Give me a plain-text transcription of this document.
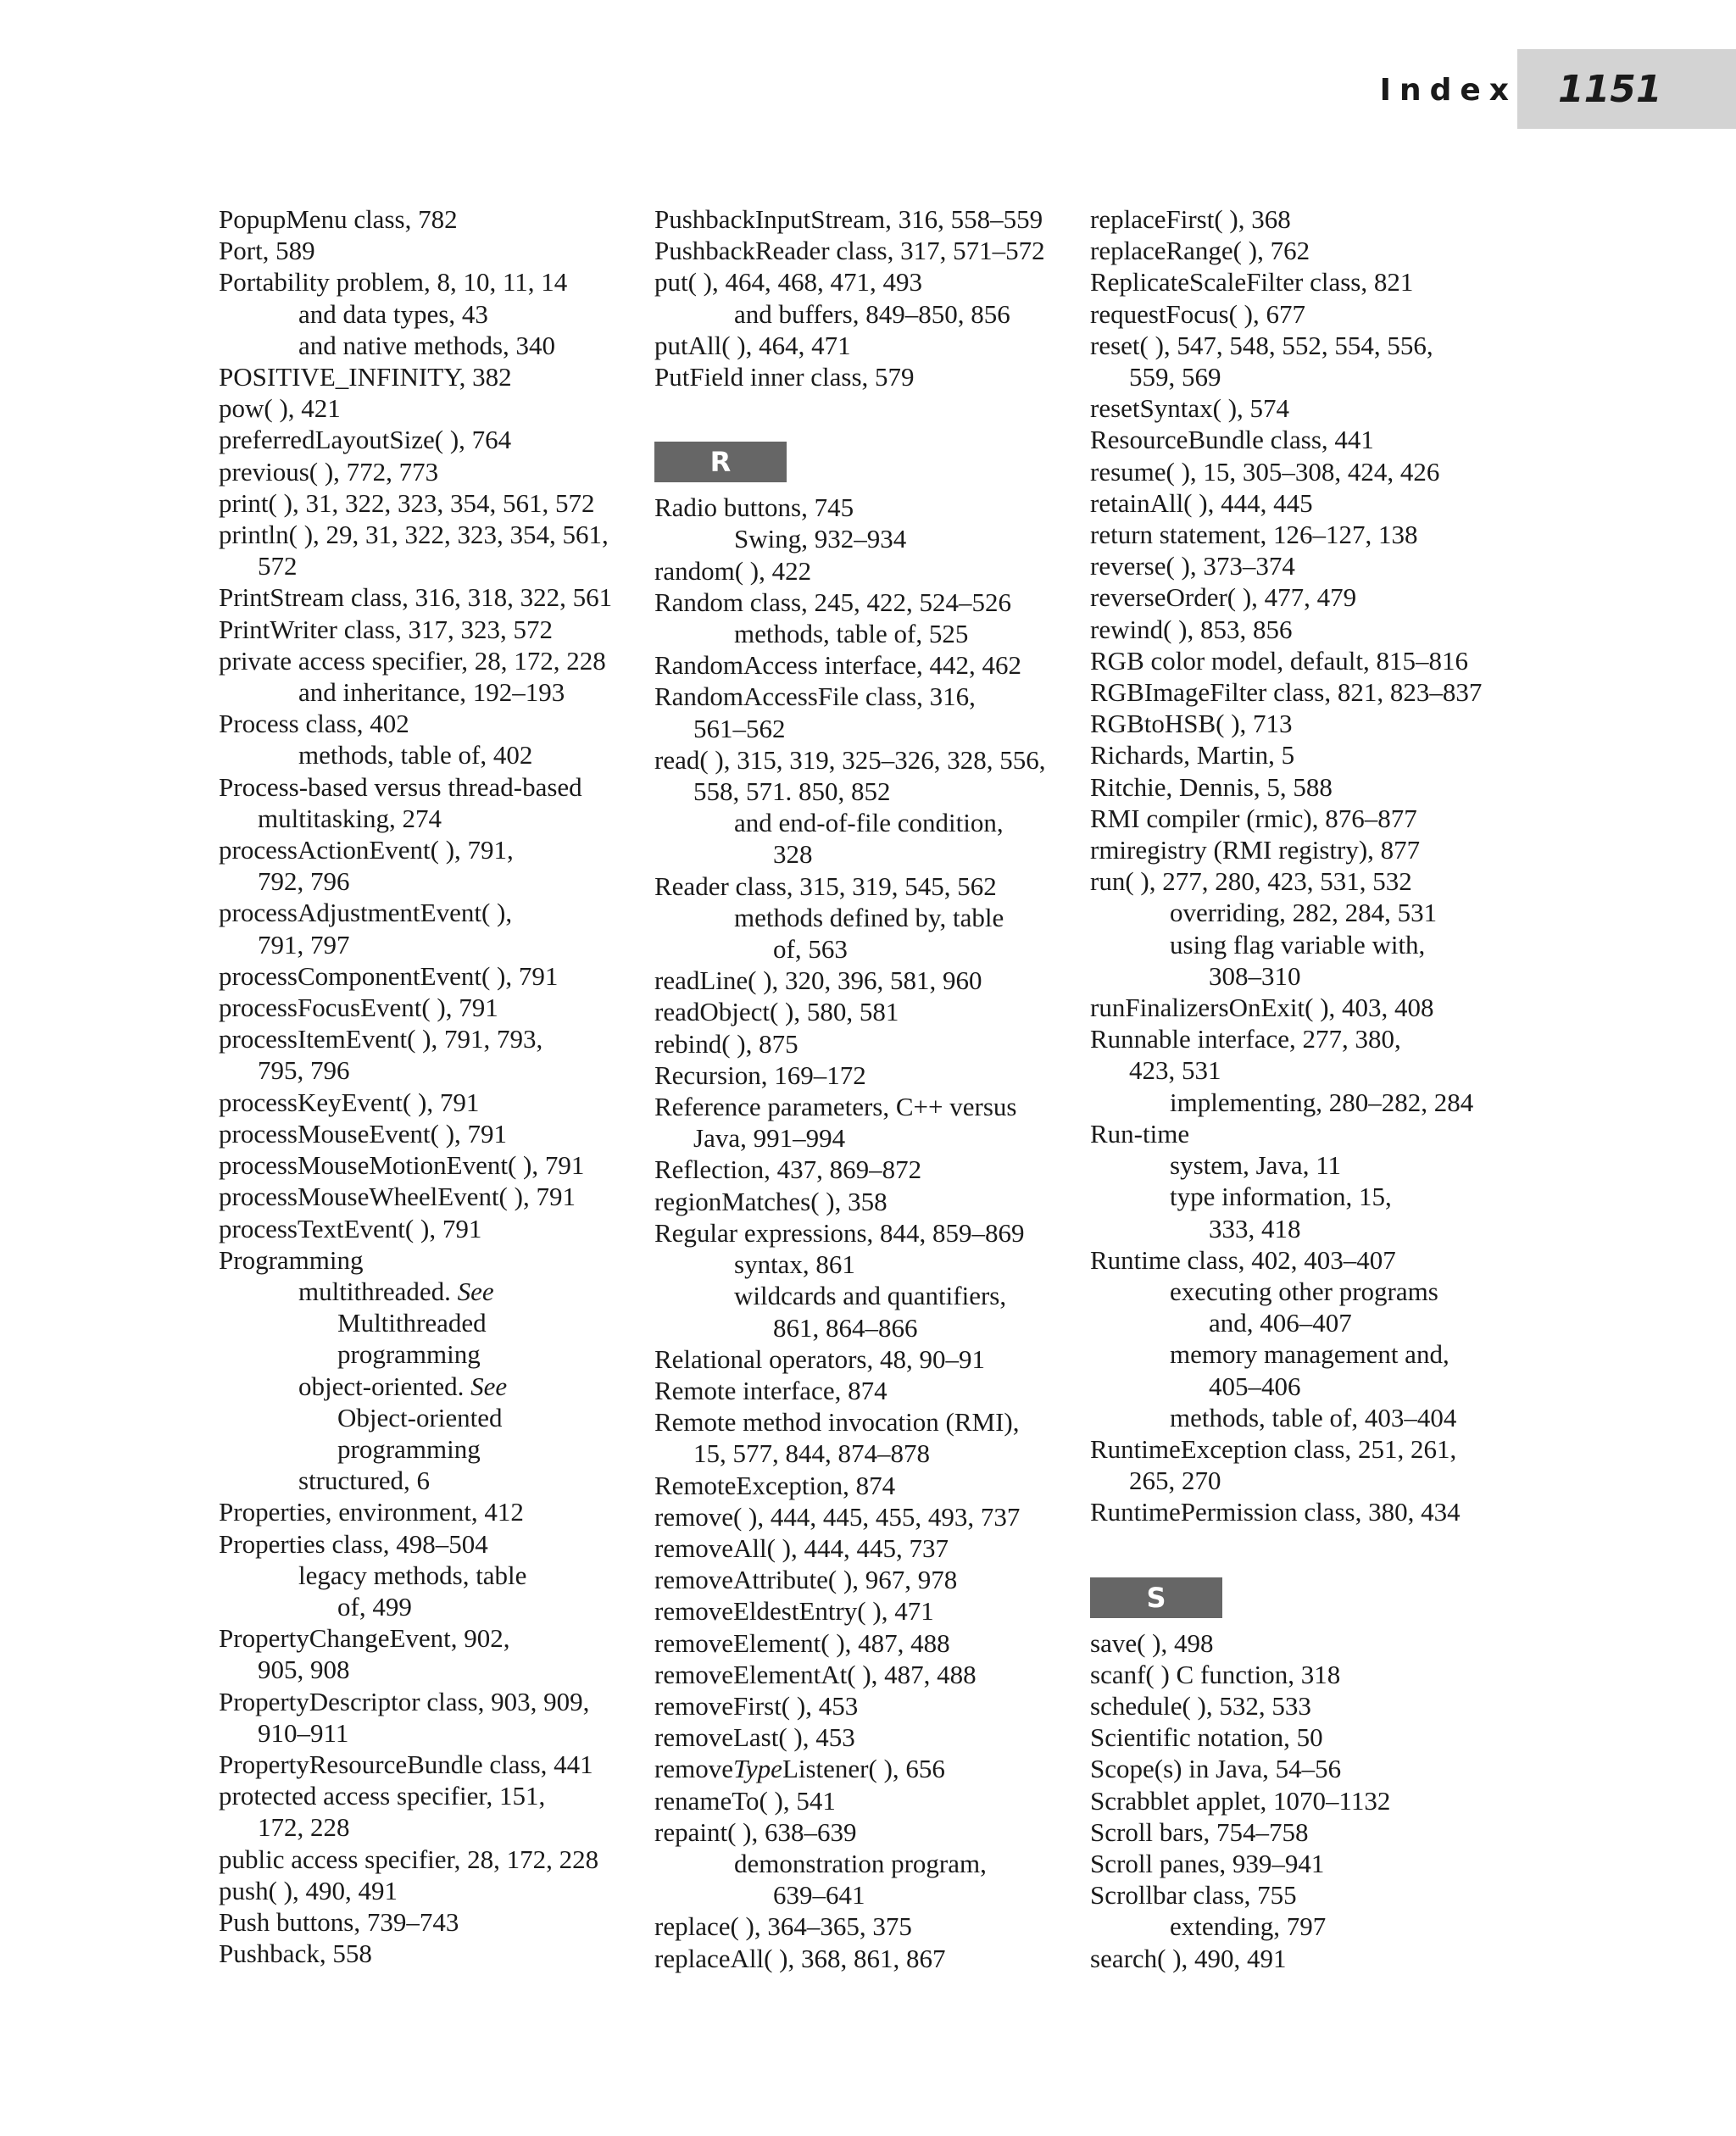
Index 1151
PopupMenu class, 782
Port, 589
Portability problem, 8, 10, 11, 14
and data types, 43
and native methods, 340
POSITIVE_INFINITY, 382
pow( ), 421
preferredLayoutSize( ), 764
previous( ), 772, 773
print( ), 31, 322, 323, 354, 561, 572
println( ), 29, 31, 322, 323, 354, 561,
572
PrintStream class, 316, 318, 322, 561
PrintWriter class, 317, 323, 572
private access specifier, 28, 172, 228
and inheritance, 192–193
Process class, 402
methods, table of, 402
Process-based versus thread-based
multitasking, 274
processActionEvent( ), 791,
792, 796
processAdjustmentEvent( ),
791, 797
processComponentEvent( ), 791
processFocusEvent( ), 791
processItemEvent( ), 791, 793,
795, 796
processKeyEvent( ), 791
processMouseEvent( ), 791
processMouseMotionEvent( ), 791
processMouseWheelEvent( ), 791
processTextEvent( ), 791
Programming
multithreaded. See
Multithreaded
programming
object-oriented. See
Object-oriented
programming
structured, 6
Properties, environment, 412
Properties class, 498–504
legacy methods, table
of, 499
PropertyChangeEvent, 902,
905, 908
PropertyDescriptor class, 903, 909,
910–911
PropertyResourceBundle class, 441
protected access specifier, 151,
172, 228
public access specifier, 28, 172, 228
push( ), 490, 491
Push buttons, 739–743
Pushback, 558
PushbackInputStream, 316, 558–559
PushbackReader class, 317, 571–572
put( ), 464, 468, 471, 493
and buffers, 849–850, 856
putAll( ), 464, 471
PutField inner class, 579
R
Radio buttons, 745
Swing, 932–934
random( ), 422
Random class, 245, 422, 524–526
methods, table of, 525
RandomAccess interface, 442, 462
RandomAccessFile class, 316,
561–562
read( ), 315, 319, 325–326, 328, 556,
558, 571. 850, 852
and end-of-file condition,
328
Reader class, 315, 319, 545, 562
methods defined by, table
of, 563
readLine( ), 320, 396, 581, 960
readObject( ), 580, 581
rebind( ), 875
Recursion, 169–172
Reference parameters, C++ versus
Java, 991–994
Reflection, 437, 869–872
regionMatches( ), 358
Regular expressions, 844, 859–869
syntax, 861
wildcards and quantifiers,
861, 864–866
Relational operators, 48, 90–91
Remote interface, 874
Remote method invocation (RMI),
15, 577, 844, 874–878
RemoteException, 874
remove( ), 444, 445, 455, 493, 737
removeAll( ), 444, 445, 737
removeAttribute( ), 967, 978
removeEldestEntry( ), 471
removeElement( ), 487, 488
removeElementAt( ), 487, 488
removeFirst( ), 453
removeLast( ), 453
removeTypeListener( ), 656
renameTo( ), 541
repaint( ), 638–639
demonstration program,
639–641
replace( ), 364–365, 375
replaceAll( ), 368, 861, 867
replaceFirst( ), 368
replaceRange( ), 762
ReplicateScaleFilter class, 821
requestFocus( ), 677
reset( ), 547, 548, 552, 554, 556,
559, 569
resetSyntax( ), 574
ResourceBundle class, 441
resume( ), 15, 305–308, 424, 426
retainAll( ), 444, 445
return statement, 126–127, 138
reverse( ), 373–374
reverseOrder( ), 477, 479
rewind( ), 853, 856
RGB color model, default, 815–816
RGBImageFilter class, 821, 823–837
RGBtoHSB( ), 713
Richards, Martin, 5
Ritchie, Dennis, 5, 588
RMI compiler (rmic), 876–877
rmiregistry (RMI registry), 877
run( ), 277, 280, 423, 531, 532
overriding, 282, 284, 531
using flag variable with,
308–310
runFinalizersOnExit( ), 403, 408
Runnable interface, 277, 380,
423, 531
implementing, 280–282, 284
Run-time
system, Java, 11
type information, 15,
333, 418
Runtime class, 402, 403–407
executing other programs
and, 406–407
memory management and,
405–406
methods, table of, 403–404
RuntimeException class, 251, 261,
265, 270
RuntimePermission class, 380, 434
S
save( ), 498
scanf( ) C function, 318
schedule( ), 532, 533
Scientific notation, 50
Scope(s) in Java, 54–56
Scrabblet applet, 1070–1132
Scroll bars, 754–758
Scroll panes, 939–941
Scrollbar class, 755
extending, 797
search( ), 490, 491
